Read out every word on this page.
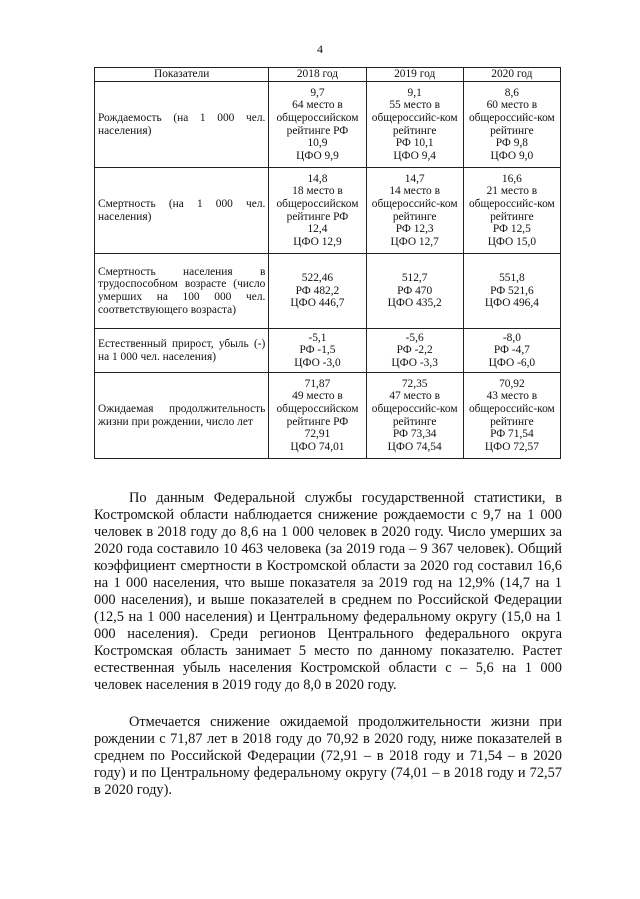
4
Показатели	2018 год	2019 год	2020 год
Рождаемость (на 1 000 чел. населения)	9,7
64 место в общероссийском рейтинге РФ
10,9
ЦФО 9,9	9,1
55 место в общероссийс-ком рейтинге
РФ 10,1
ЦФО 9,4	8,6
60 место в общероссийс-ком рейтинге
РФ 9,8
ЦФО 9,0

Смертность (на 1 000 чел. населения)	14,8
18 место в общероссийском рейтинге РФ
12,4
ЦФО 12,9	14,7
14 место в общероссийс-ком рейтинге
РФ 12,3
ЦФО 12,7	16,6
21 место в общероссийс-ком рейтинге
РФ 12,5
ЦФО 15,0

Смертность населения в трудоспособном возрасте (число умерших на 100 000 чел. соответствующего возраста)	522,46
РФ 482,2
ЦФО 446,7	512,7
РФ 470
ЦФО 435,2	551,8
РФ 521,6
ЦФО 496,4

Естественный прирост, убыль (-) на 1 000 чел. населения)	-5,1
РФ -1,5
ЦФО -3,0	-5,6
РФ -2,2
ЦФО -3,3	-8,0
РФ -4,7
ЦФО -6,0

Ожидаемая продолжительность жизни при рождении, число лет	71,87
49 место в общероссийском рейтинге РФ
72,91
ЦФО 74,01	72,35
47 место в общероссийс-ком рейтинге
РФ 73,34
ЦФО 74,54	70,92
43 место в общероссийс-ком рейтинге
РФ 71,54
ЦФО 72,57

По данным Федеральной службы государственной статистики, в Костромской области наблюдается снижение рождаемости с 9,7 на 1 000 человек в 2018 году до 8,6 на 1 000 человек в 2020 году. Число умерших за 2020 года составило 10 463 человека (за 2019 года – 9 367 человек). Общий коэффициент смертности в Костромской области за 2020 год составил 16,6 на 1 000 населения, что выше показателя за 2019 год на 12,9% (14,7 на 1 000 населения), и выше показателей в среднем по Российской Федерации (12,5 на 1 000 населения) и Центральному федеральному округу (15,0 на 1 000 населения). Среди регионов Центрального федерального округа Костромская область занимает 5 место по данному показателю. Растет естественная убыль населения Костромской области с – 5,6 на 1 000 человек населения в 2019 году до 8,0 в 2020 году.

Отмечается снижение ожидаемой продолжительности жизни при рождении с 71,87 лет в 2018 году до 70,92 в 2020 году, ниже показателей в среднем по Российской Федерации (72,91 – в 2018 году и 71,54 – в 2020 году) и по Центральному федеральному округу (74,01 – в 2018 году и 72,57 в 2020 году).
